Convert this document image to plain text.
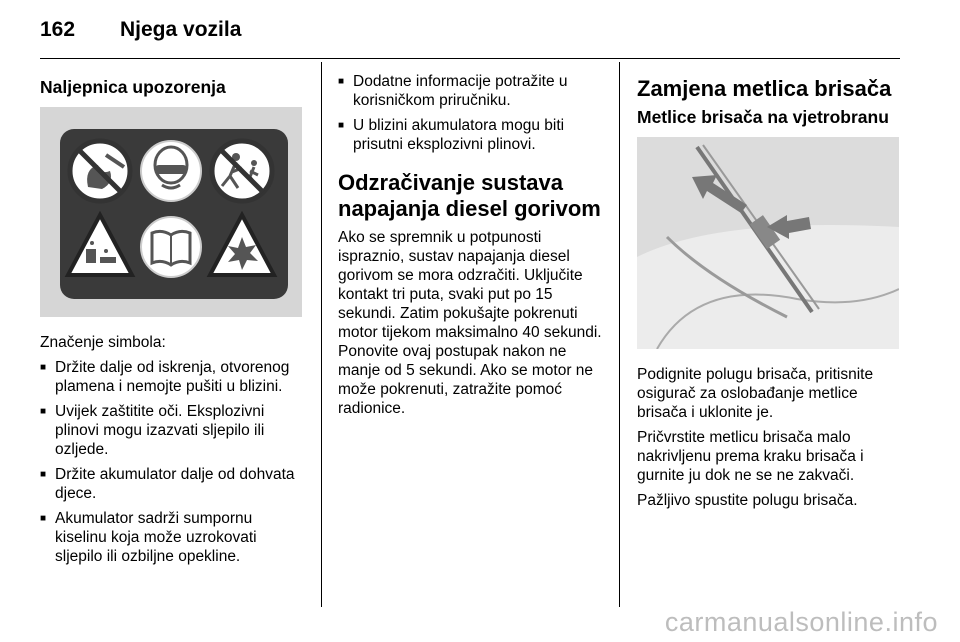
162 Njega vozila
Naljepnica upozorenja

Značenje simbola:

■ Držite dalje od iskrenja, otvorenog plamena i nemojte pušiti u blizini.
■ Uvijek zaštitite oči. Eksplozivni plinovi mogu izazvati sljepilo ili ozljede.
■ Držite akumulator dalje od dohvata djece.
■ Akumulator sadrži sumpornu kiselinu koja može uzrokovati sljepilo ili ozbiljne opekline.
■ Dodatne informacije potražite u korisničkom priručniku.
■ U blizini akumulatora mogu biti prisutni eksplozivni plinovi.
Odzračivanje sustava napajanja diesel gorivom

Ako se spremnik u potpunosti ispraznio, sustav napajanja diesel gorivom se mora odzračiti. Uključite kontakt tri puta, svaki put po 15 sekundi. Zatim pokušajte pokrenuti motor tijekom maksimalno 40 sekundi. Ponovite ovaj postupak nakon ne manje od 5 sekundi. Ako se motor ne može pokrenuti, zatražite pomoć radionice.

Zamjena metlica brisača
Metlice brisača na vjetrobranu

Podignite polugu brisača, pritisnite osigurač za oslobađanje metlice brisača i uklonite je.

Pričvrstite metlicu brisača malo nakrivljenu prema kraku brisača i gurnite ju dok ne se ne zakvači.

Pažljivo spustite polugu brisača.

carmanualsonline.info
